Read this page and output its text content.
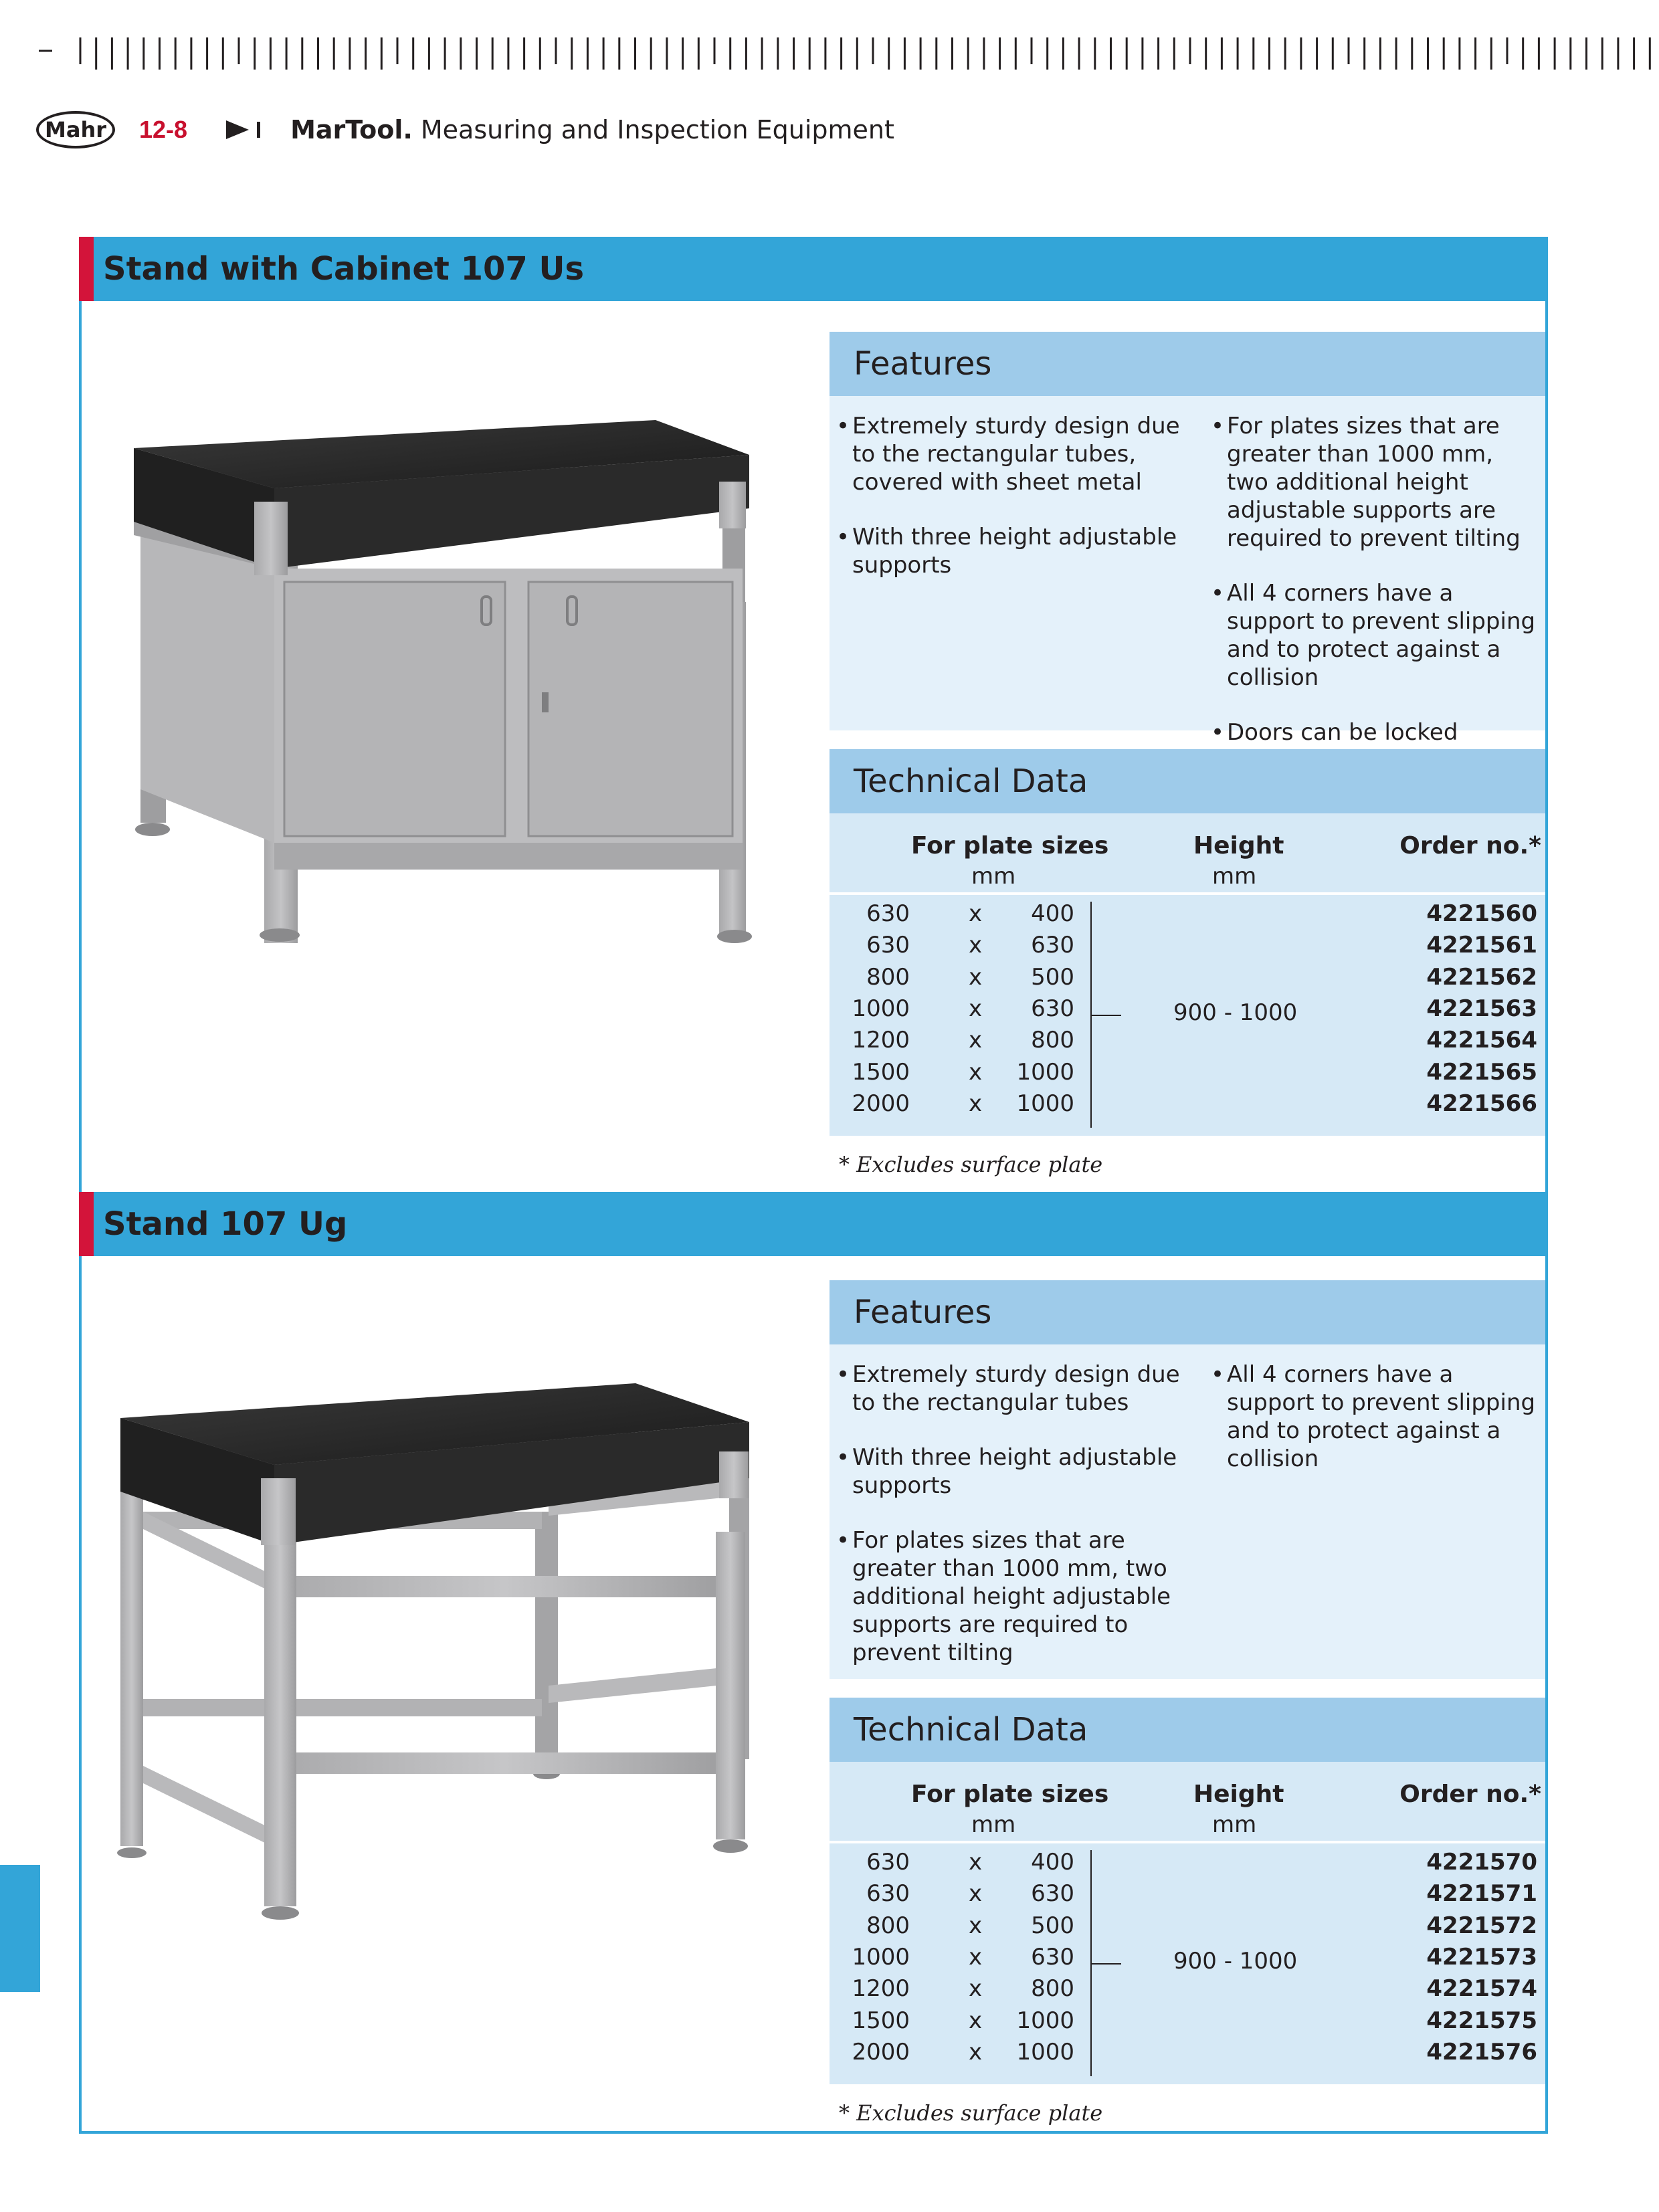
Mahr	12-8	MarTool. Measuring and Inspection Equipment
Stand with Cabinet 107 Us
Features
• Extremely sturdy design due to the rectangular tubes, covered with sheet metal
• With three height adjustable supports
• For plates sizes that are greater than 1000 mm, two additional height adjustable supports are required to prevent tilting
• All 4 corners have a support to prevent slipping and to protect against a collision
• Doors can be locked
Technical Data
For plate sizes
mm
Height
mm
Order no.*
900 - 1000
630	x	400	4221560
630	x	630	4221561
800	x	500	4221562
1000	x	630	4221563
1200	x	800	4221564
1500	x	1000	4221565
2000	x	1000	4221566
* Excludes surface plate
Stand 107 Ug
Features
• Extremely sturdy design due to the rectangular tubes
• With three height adjustable supports
• For plates sizes that are greater than 1000 mm, two additional height adjustable supports are required to prevent tilting
• All 4 corners have a support to prevent slipping and to protect against a collision
Technical Data
For plate sizes
mm
Height
mm
Order no.*
900 - 1000
630	x	400	4221570
630	x	630	4221571
800	x	500	4221572
1000	x	630	4221573
1200	x	800	4221574
1500	x	1000	4221575
2000	x	1000	4221576
* Excludes surface plate
